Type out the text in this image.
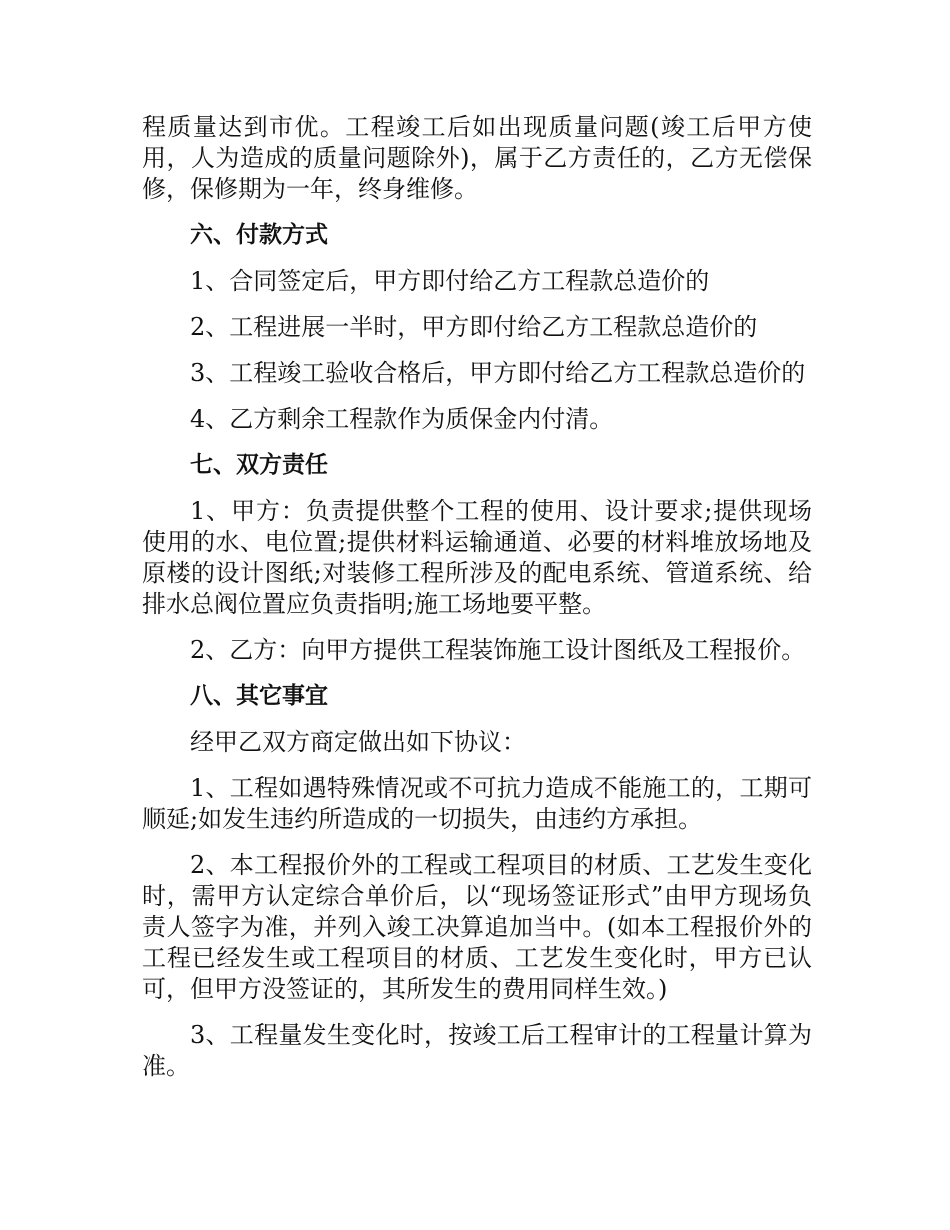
程质量达到市优。工程竣工后如出现质量问题(竣工后甲方使用，人为造成的质量问题除外)，属于乙方责任的，乙方无偿保修，保修期为一年，终身维修。

六、付款方式

1、合同签定后，甲方即付给乙方工程款总造价的

2、工程进展一半时，甲方即付给乙方工程款总造价的

3、工程竣工验收合格后，甲方即付给乙方工程款总造价的

4、乙方剩余工程款作为质保金内付清。

七、双方责任

1、甲方：负责提供整个工程的使用、设计要求;提供现场使用的水、电位置;提供材料运输通道、必要的材料堆放场地及原楼的设计图纸;对装修工程所涉及的配电系统、管道系统、给排水总阀位置应负责指明;施工场地要平整。

2、乙方：向甲方提供工程装饰施工设计图纸及工程报价。

八、其它事宜

经甲乙双方商定做出如下协议：

1、工程如遇特殊情况或不可抗力造成不能施工的，工期可顺延;如发生违约所造成的一切损失，由违约方承担。

2、本工程报价外的工程或工程项目的材质、工艺发生变化时，需甲方认定综合单价后，以“现场签证形式”由甲方现场负责人签字为准，并列入竣工决算追加当中。(如本工程报价外的工程已经发生或工程项目的材质、工艺发生变化时，甲方已认可，但甲方没签证的，其所发生的费用同样生效。)

3、工程量发生变化时，按竣工后工程审计的工程量计算为准。
